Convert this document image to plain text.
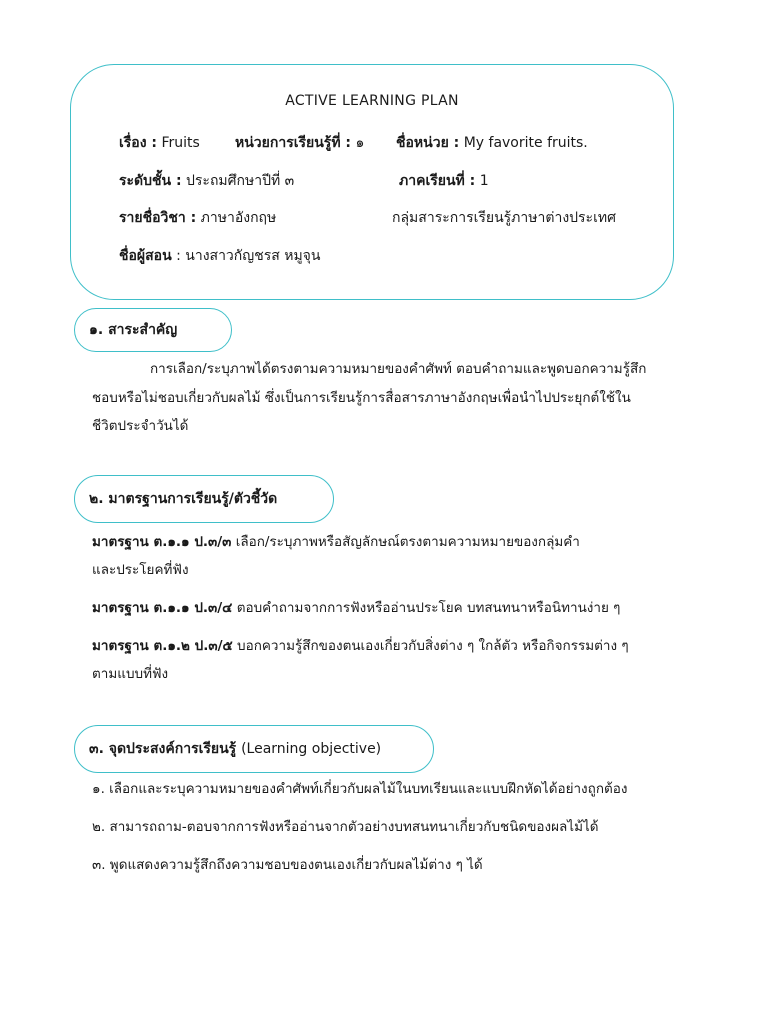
ACTIVE LEARNING PLAN
เรื่อง : Fruits	หน่วยการเรียนรู้ที่ : ๑ ชื่อหน่วย : My favorite fruits.
ระดับชั้น : ประถมศึกษาปีที่ ๓	ภาคเรียนที่ : 1
รายชื่อวิชา : ภาษาอังกฤษ	กลุ่มสาระการเรียนรู้ภาษาต่างประเทศ
ชื่อผู้สอน : นางสาวกัญชรส หมูจุน
๑. สาระสำคัญ
การเลือก/ระบุภาพได้ตรงตามความหมายของคำศัพท์ ตอบคำถามและพูดบอกความรู้สึก
ชอบหรือไม่ชอบเกี่ยวกับผลไม้ ซึ่งเป็นการเรียนรู้การสื่อสารภาษาอังกฤษเพื่อนำไปประยุกต์ใช้ใน
ชีวิตประจำวันได้
๒. มาตรฐานการเรียนรู้/ตัวชี้วัด
มาตรฐาน ต.๑.๑ ป.๓/๓ เลือก/ระบุภาพหรือสัญลักษณ์ตรงตามความหมายของกลุ่มคำ
และประโยคที่ฟัง
มาตรฐาน ต.๑.๑ ป.๓/๔ ตอบคำถามจากการฟังหรืออ่านประโยค บทสนทนาหรือนิทานง่าย ๆ
มาตรฐาน ต.๑.๒ ป.๓/๕ บอกความรู้สึกของตนเองเกี่ยวกับสิ่งต่าง ๆ ใกล้ตัว หรือกิจกรรมต่าง ๆ
ตามแบบที่ฟัง
๓. จุดประสงค์การเรียนรู้
(Learning objective)
๑. เลือกและระบุความหมายของคำศัพท์เกี่ยวกับผลไม้ในบทเรียนและแบบฝึกหัดได้อย่างถูกต้อง
๒. สามารถถาม-ตอบจากการฟังหรืออ่านจากตัวอย่างบทสนทนาเกี่ยวกับชนิดของผลไม้ได้
๓. พูดแสดงความรู้สึกถึงความชอบของตนเองเกี่ยวกับผลไม้ต่าง ๆ ได้
